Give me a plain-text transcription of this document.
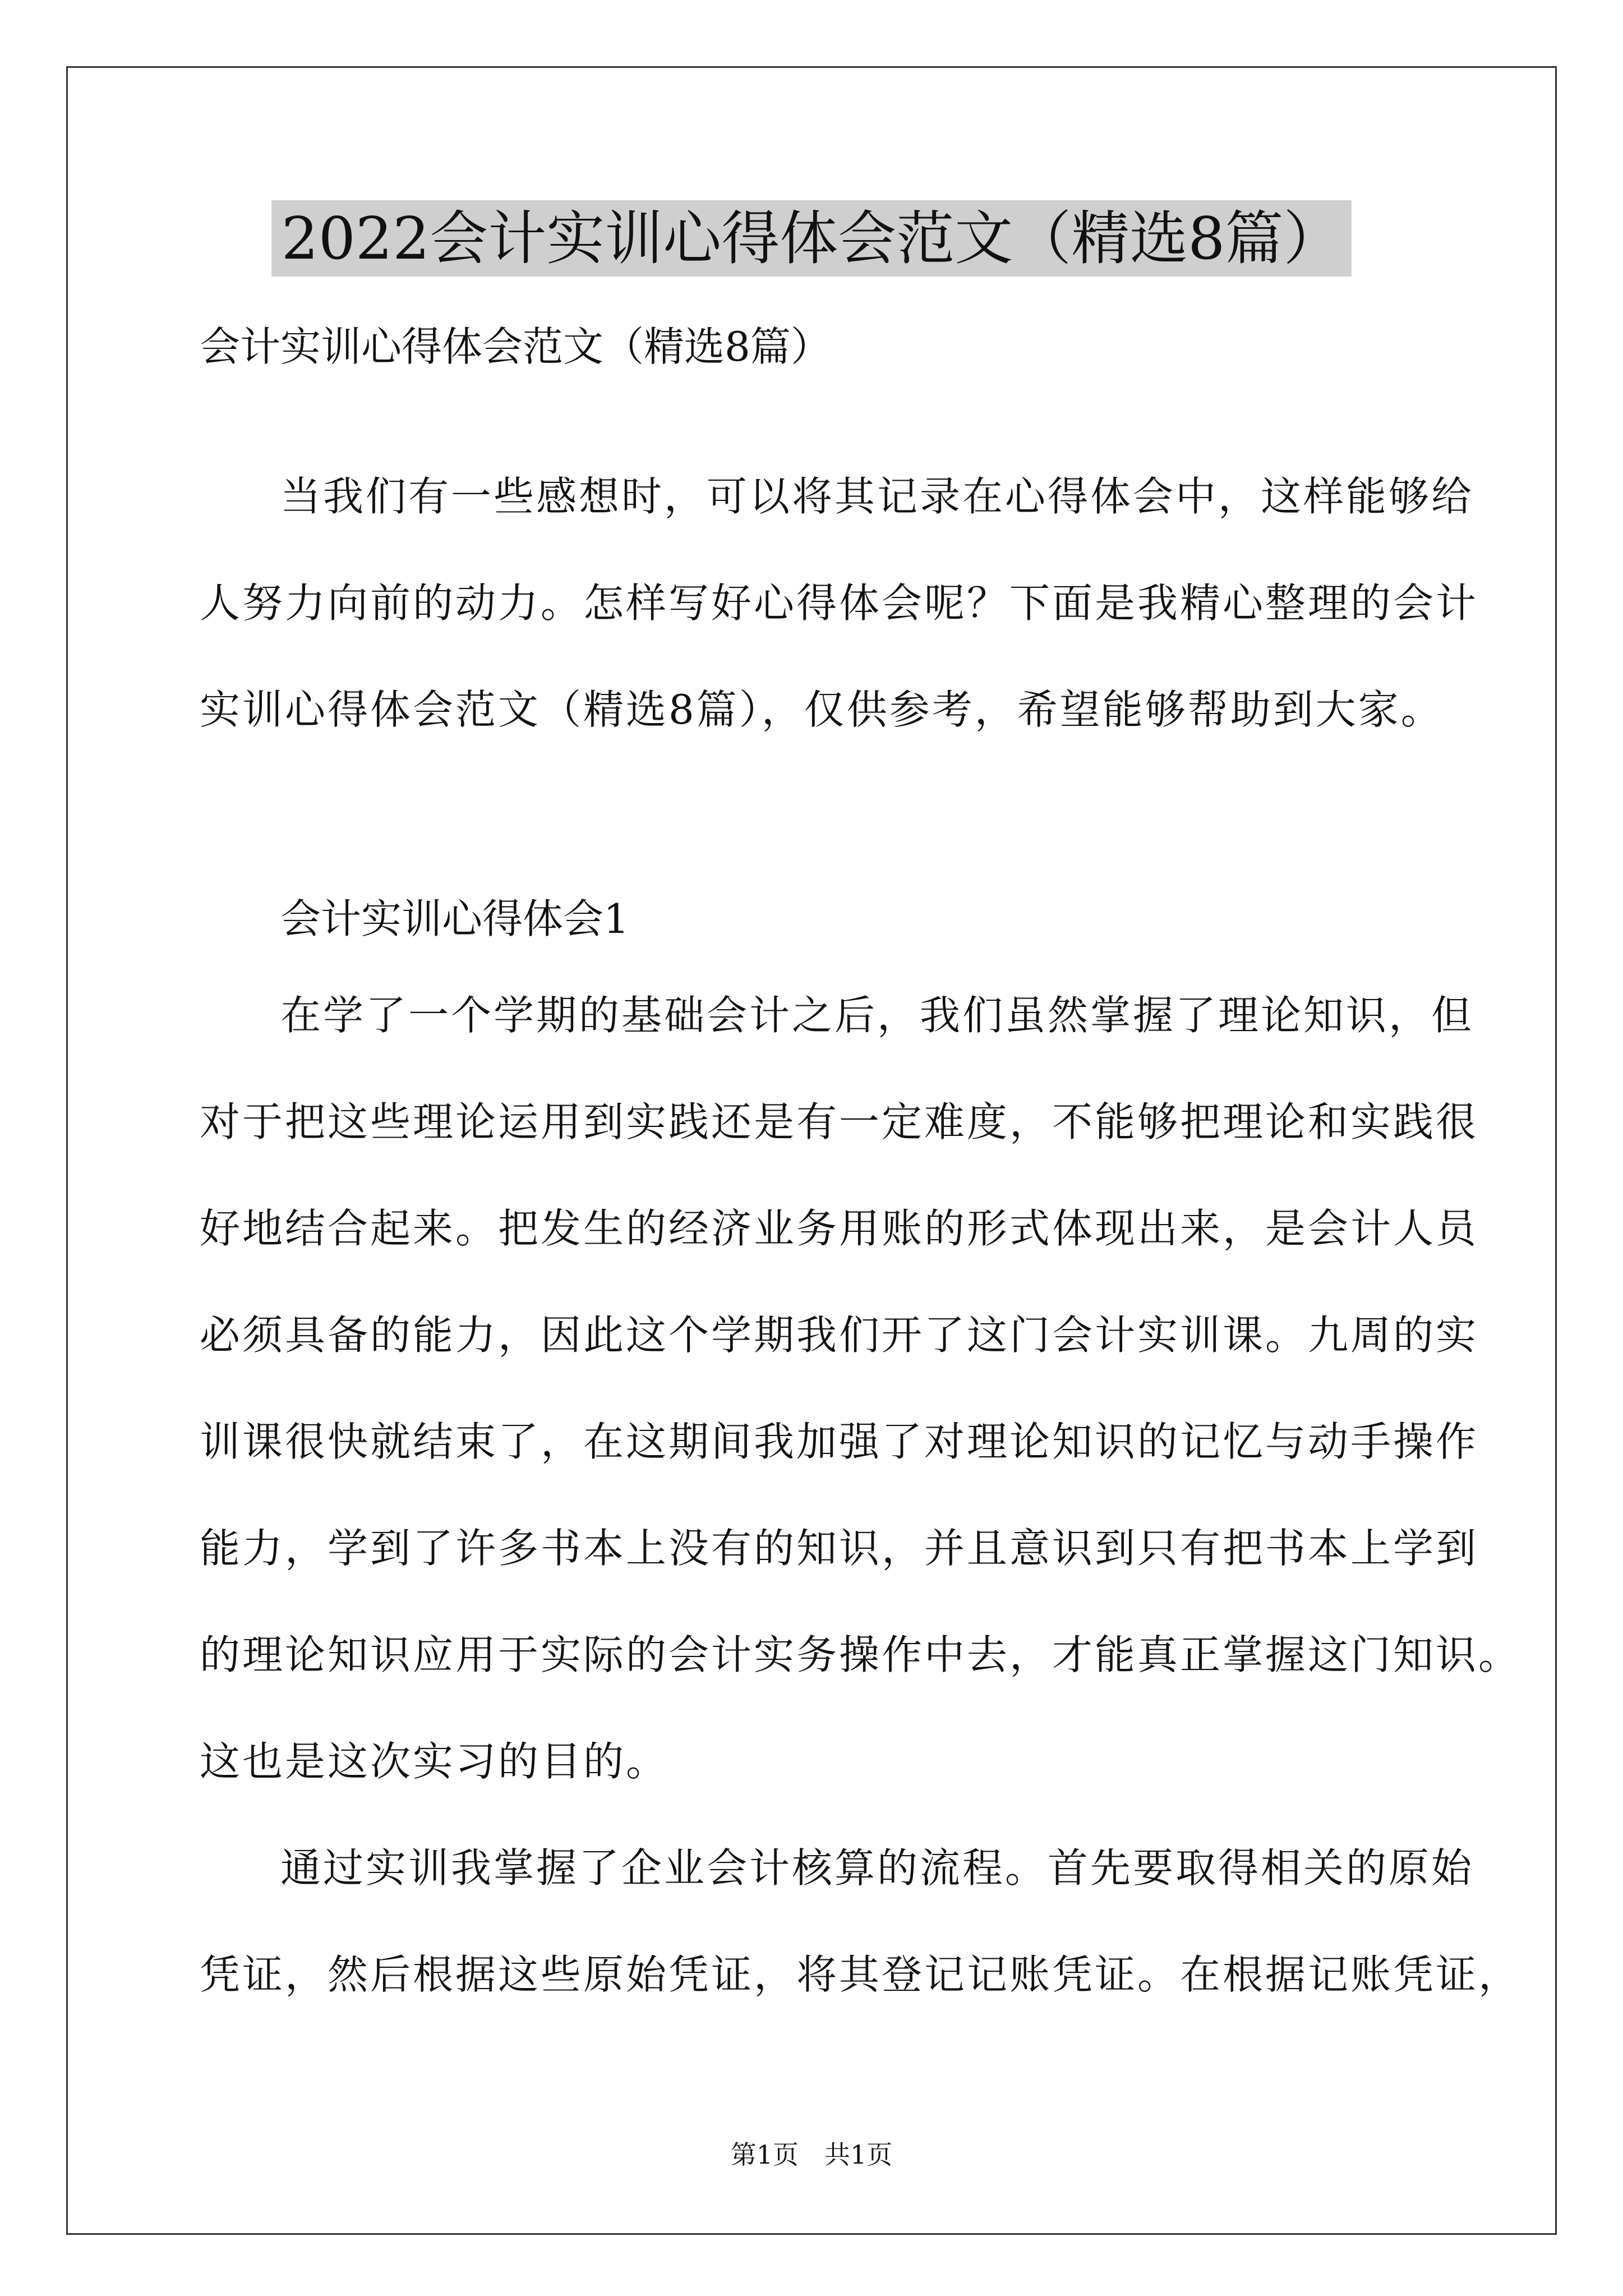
2022会计实训心得体会范文（精选8篇）
会计实训心得体会范文（精选8篇）
当我们有一些感想时，可以将其记录在心得体会中，这样能够给
人努力向前的动力。怎样写好心得体会呢？下面是我精心整理的会计
实训心得体会范文（精选8篇），仅供参考，希望能够帮助到大家。
会计实训心得体会1
在学了一个学期的基础会计之后，我们虽然掌握了理论知识，但
对于把这些理论运用到实践还是有一定难度，不能够把理论和实践很
好地结合起来。把发生的经济业务用账的形式体现出来，是会计人员
必须具备的能力，因此这个学期我们开了这门会计实训课。九周的实
训课很快就结束了，在这期间我加强了对理论知识的记忆与动手操作
能力，学到了许多书本上没有的知识，并且意识到只有把书本上学到
的理论知识应用于实际的会计实务操作中去，才能真正掌握这门知识。
这也是这次实习的目的。
通过实训我掌握了企业会计核算的流程。首先要取得相关的原始
凭证，然后根据这些原始凭证，将其登记记账凭证。在根据记账凭证，
第1页　共1页
